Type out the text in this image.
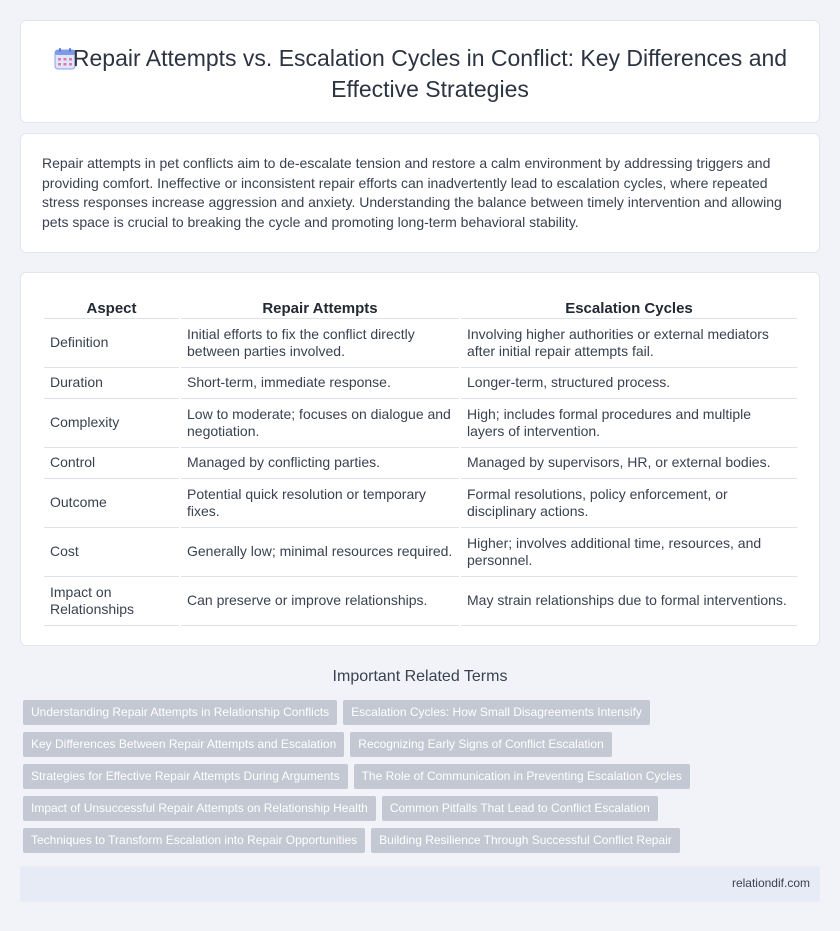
Repair Attempts vs. Escalation Cycles in Conflict: Key Differences and Effective Strategies

Repair attempts in pet conflicts aim to de-escalate tension and restore a calm environment by addressing triggers and providing comfort. Ineffective or inconsistent repair efforts can inadvertently lead to escalation cycles, where repeated stress responses increase aggression and anxiety. Understanding the balance between timely intervention and allowing pets space is crucial to breaking the cycle and promoting long-term behavioral stability.

Aspect	Repair Attempts	Escalation Cycles
Definition	Initial efforts to fix the conflict directly between parties involved.	Involving higher authorities or external mediators after initial repair attempts fail.
Duration	Short-term, immediate response.	Longer-term, structured process.
Complexity	Low to moderate; focuses on dialogue and negotiation.	High; includes formal procedures and multiple layers of intervention.
Control	Managed by conflicting parties.	Managed by supervisors, HR, or external bodies.
Outcome	Potential quick resolution or temporary fixes.	Formal resolutions, policy enforcement, or disciplinary actions.
Cost	Generally low; minimal resources required.	Higher; involves additional time, resources, and personnel.
Impact on Relationships	Can preserve or improve relationships.	May strain relationships due to formal interventions.
Important Related Terms
Understanding Repair Attempts in Relationship Conflicts	Escalation Cycles: How Small Disagreements Intensify
Key Differences Between Repair Attempts and Escalation	Recognizing Early Signs of Conflict Escalation
Strategies for Effective Repair Attempts During Arguments	The Role of Communication in Preventing Escalation Cycles
Impact of Unsuccessful Repair Attempts on Relationship Health	Common Pitfalls That Lead to Conflict Escalation
Techniques to Transform Escalation into Repair Opportunities	Building Resilience Through Successful Conflict Repair
relationdif.com
